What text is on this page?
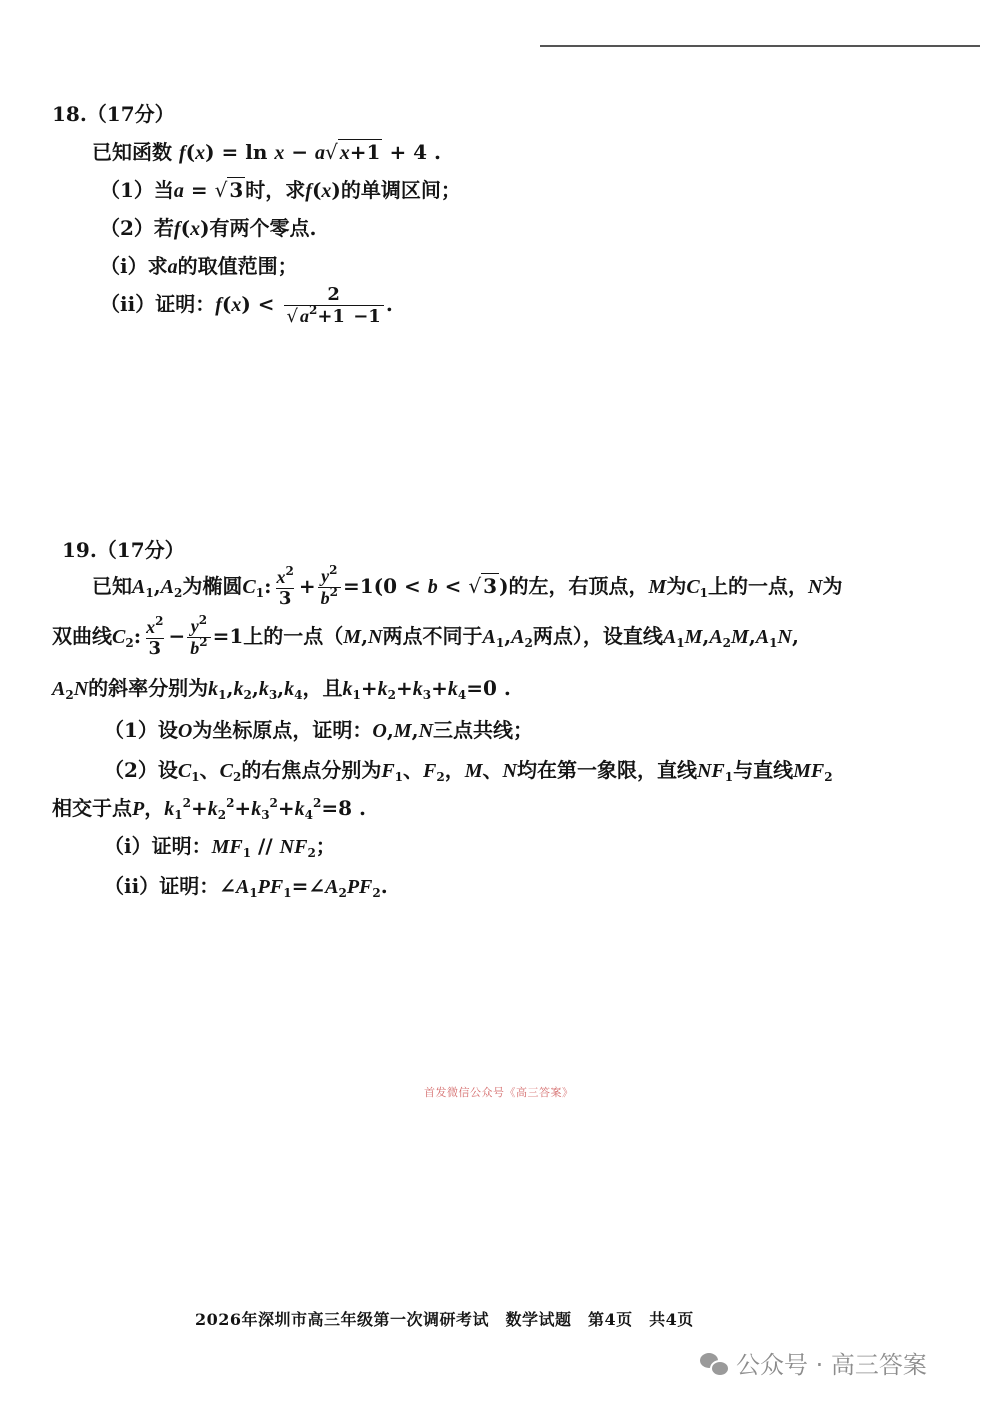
18.（17分）
已知函数 f(x) = ln x − a√ x+1 + 4 .
（1）当a = √ 3 时，求f(x)的单调区间；
（2）若f(x)有两个零点.
（i）求a的取值范围；
（ii）证明：$f(x) < \frac{2}{√ a^2+1 -1}$ .
19.（17分）
已知$A_1,A_2$为椭圆$C_1$: $\frac{x^2}{3} + \frac{y^2}{b^2} =1(0 < b$ < √ 3 )的左，右顶点，M为$C_1$上的一点，N为
双曲线$C_2$: $\frac{x^2}{3} - \frac{y^2}{b^2} =1$上的一点（M,N两点不同于$A_1,A_2$两点），设直线$A_1M,A_2M,A_1N$,
$A_2N$的斜率分别为$k_1,k_2,k_3,k_4$，且$k_1+k_2+k_3+k_4=0$ .
（1）设O为坐标原点，证明：O,M,N三点共线；
（2）设$C_1$、$C_2$的右焦点分别为$F_1$、$F_2$，M、N均在第一象限，直线$NF_1$与直线$MF_2$
相交于点P，$k_1^2+k_2^2+k_3^2+k_4^2=8$ .
（i）证明：$MF_1 // NF_2$；
（ii）证明：$\angle A_1PF_1=\angle A_2PF_2$.
首发微信公众号《高三答案》
2026年深圳市高三年级第一次调研考试　数学试题　第4页　共4页
公众号 · 高三答案
